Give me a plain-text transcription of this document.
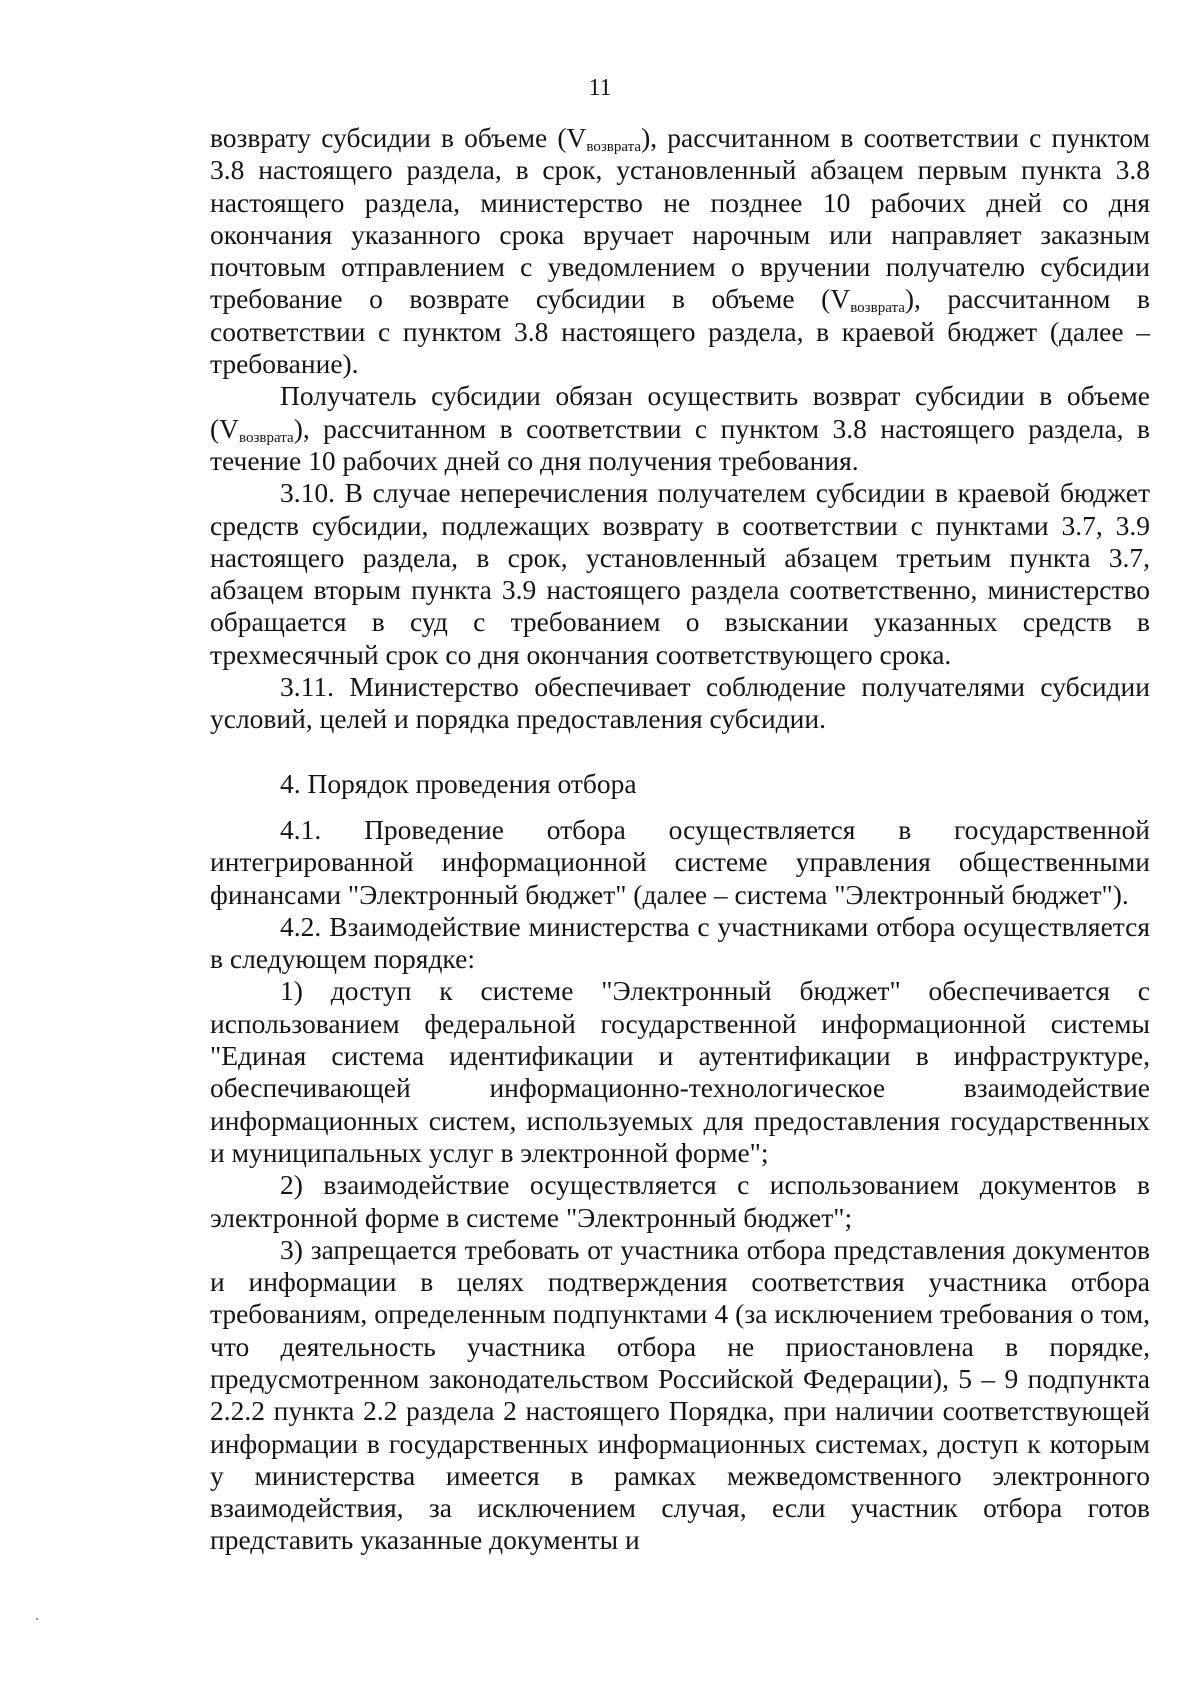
11

возврату субсидии в объеме $(V_{возврата})$, рассчитанном в соответствии с пунктом 3.8 настоящего раздела, в срок, установленный абзацем первым пункта 3.8 настоящего раздела, министерство не позднее 10 рабочих дней со дня окончания указанного срока вручает нарочным или направляет заказным почтовым отправлением с уведомлением о вручении получателю субсидии требование о возврате субсидии в объеме $(V_{возврата})$, рассчитанном в соответствии с пунктом 3.8 настоящего раздела, в краевой бюджет (далее – требование).

Получатель субсидии обязан осуществить возврат субсидии в объеме $(V_{возврата})$, рассчитанном в соответствии с пунктом 3.8 настоящего раздела, в течение 10 рабочих дней со дня получения требования.

3.10. В случае неперечисления получателем субсидии в краевой бюджет средств субсидии, подлежащих возврату в соответствии с пунктами 3.7, 3.9 настоящего раздела, в срок, установленный абзацем третьим пункта 3.7, абзацем вторым пункта 3.9 настоящего раздела соответственно, министерство обращается в суд с требованием о взыскании указанных средств в трехмесячный срок со дня окончания соответствующего срока.

3.11. Министерство обеспечивает соблюдение получателями субсидии условий, целей и порядка предоставления субсидии.

4. Порядок проведения отбора

4.1. Проведение отбора осуществляется в государственной интегрированной информационной системе управления общественными финансами "Электронный бюджет" (далее – система "Электронный бюджет").

4.2. Взаимодействие министерства с участниками отбора осуществляется в следующем порядке:

1) доступ к системе "Электронный бюджет" обеспечивается с использованием федеральной государственной информационной системы "Единая система идентификации и аутентификации в инфраструктуре, обеспечивающей информационно-технологическое взаимодействие информационных систем, используемых для предоставления государственных и муниципальных услуг в электронной форме";

2) взаимодействие осуществляется с использованием документов в электронной форме в системе "Электронный бюджет";

3) запрещается требовать от участника отбора представления документов и информации в целях подтверждения соответствия участника отбора требованиям, определенным подпунктами 4 (за исключением требования о том, что деятельность участника отбора не приостановлена в порядке, предусмотренном законодательством Российской Федерации), 5 – 9 подпункта 2.2.2 пункта 2.2 раздела 2 настоящего Порядка, при наличии соответствующей информации в государственных информационных системах, доступ к которым у министерства имеется в рамках межведомственного электронного взаимодействия, за исключением случая, если участник отбора готов представить указанные документы и
